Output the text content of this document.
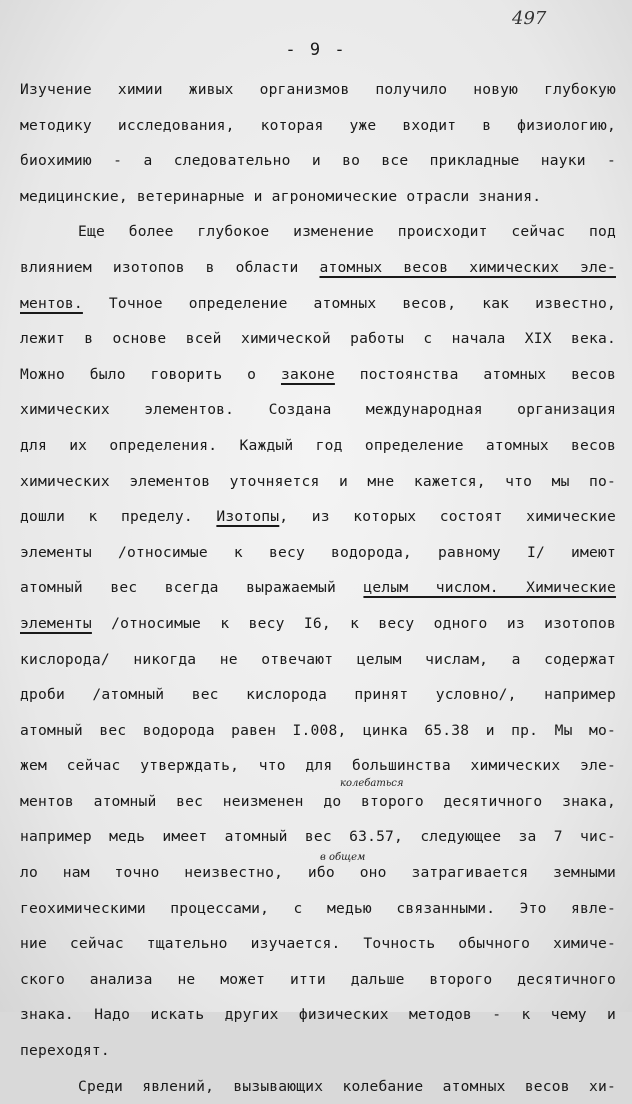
497
- 9 -
колебаться
в общем
Изучение химии живых организмов получило новую глубокую
методику исследования, которая уже входит в физиологию,
биохимию - а следовательно и во все прикладные науки -
медицинские, ветеринарные и агрономические отрасли знания.
Еще более глубокое изменение происходит сейчас под
влиянием изотопов в области атомных весов химических эле-
ментов. Точное определение атомных весов, как известно,
лежит в основе всей химической работы с начала XIX века.
Можно было говорить о законе постоянства атомных весов
химических элементов. Создана международная организация
для их определения. Каждый год определение атомных весов
химических элементов уточняется и мне кажется, что мы по-
дошли к пределу. Изотопы, из которых состоят химические
элементы /относимые к весу водорода, равному I/ имеют
атомный вес всегда выражаемый целым числом. Химические
элементы /относимые к весу I6, к весу одного из изотопов
кислорода/ никогда не отвечают целым числам, а содержат
дроби /атомный вес кислорода принят условно/, например
атомный вес водорода равен I.008, цинка 65.38 и пр. Мы мо-
жем сейчас утверждать, что для большинства химических эле-
ментов атомный вес неизменен до второго десятичного знака,
например медь имеет атомный вес 63.57, следующее за 7 чис-
ло нам точно неизвестно, ибо оно затрагивается земными
геохимическими процессами, с медью связанными. Это явле-
ние сейчас тщательно изучается. Точность обычного химиче-
ского анализа не может итти дальше второго десятичного
знака. Надо искать других физических методов - к чему и
переходят.
Среди явлений, вызывающих колебание атомных весов хи-
